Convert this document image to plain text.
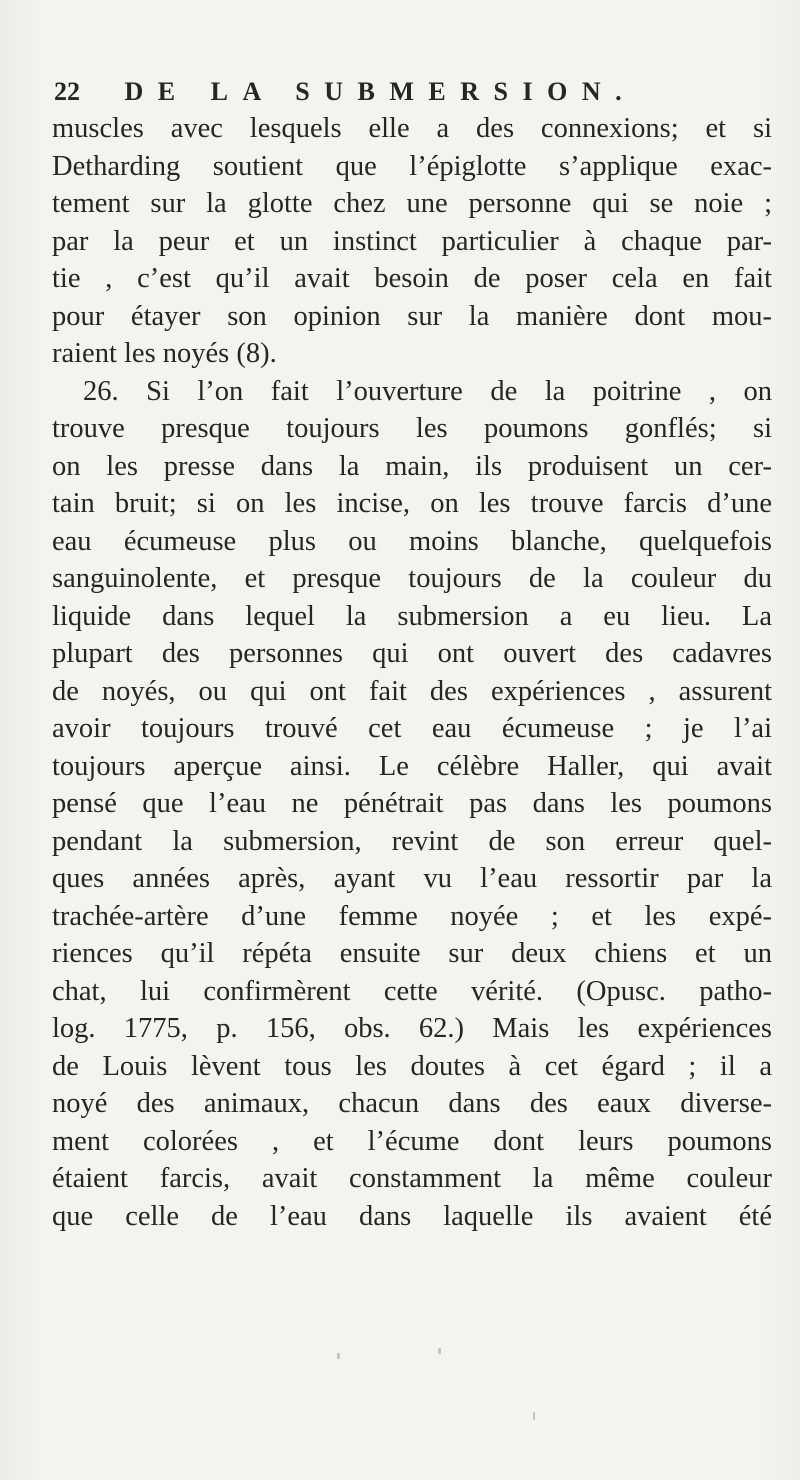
22 DE LA SUBMERSION.
muscles avec lesquels elle a des connexions; et si
Detharding soutient que l’épiglotte s’applique exac-
tement sur la glotte chez une personne qui se noie ;
par la peur et un instinct particulier à chaque par-
tie , c’est qu’il avait besoin de poser cela en fait
pour étayer son opinion sur la manière dont mou-
raient les noyés (8).
26. Si l’on fait l’ouverture de la poitrine , on
trouve presque toujours les poumons gonflés; si
on les presse dans la main, ils produisent un cer-
tain bruit; si on les incise, on les trouve farcis d’une
eau écumeuse plus ou moins blanche, quelquefois
sanguinolente, et presque toujours de la couleur du
liquide dans lequel la submersion a eu lieu. La
plupart des personnes qui ont ouvert des cadavres
de noyés, ou qui ont fait des expériences , assurent
avoir toujours trouvé cet eau écumeuse ; je l’ai
toujours aperçue ainsi. Le célèbre Haller, qui avait
pensé que l’eau ne pénétrait pas dans les poumons
pendant la submersion, revint de son erreur quel-
ques années après, ayant vu l’eau ressortir par la
trachée-artère d’une femme noyée ; et les expé-
riences qu’il répéta ensuite sur deux chiens et un
chat, lui confirmèrent cette vérité. (Opusc. patho-
log. 1775, p. 156, obs. 62.) Mais les expériences
de Louis lèvent tous les doutes à cet égard ; il a
noyé des animaux, chacun dans des eaux diverse-
ment colorées , et l’écume dont leurs poumons
étaient farcis, avait constamment la même couleur
que celle de l’eau dans laquelle ils avaient été
